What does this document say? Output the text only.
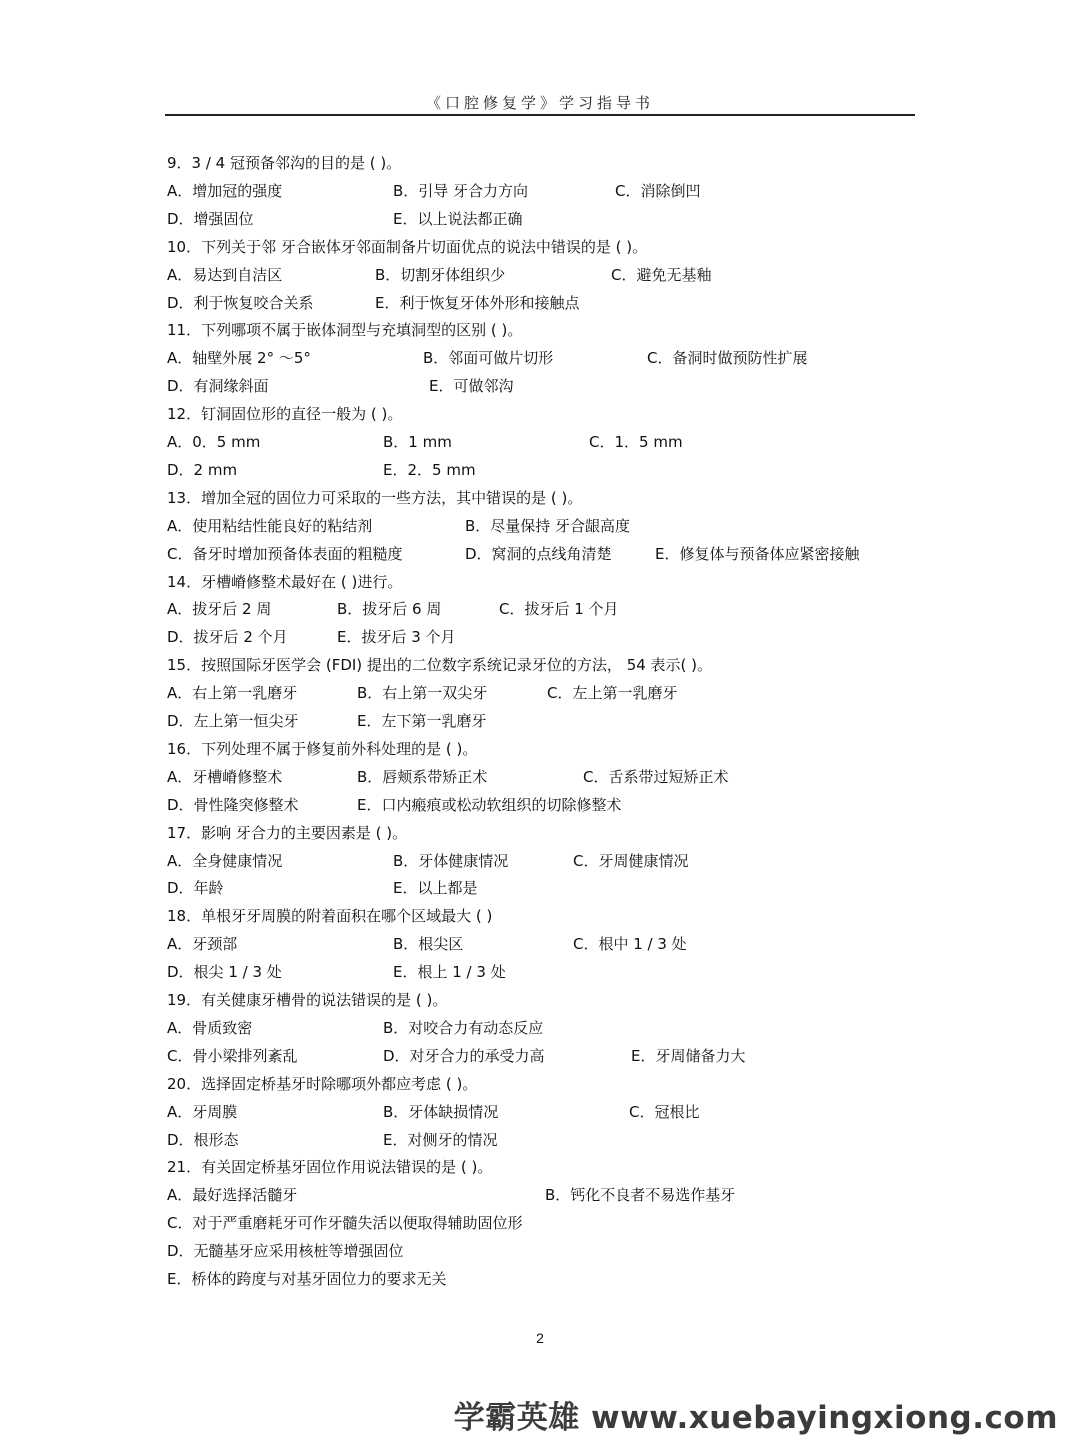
《口腔修复学》学习指导书
9．3 / 4 冠预备邻沟的目的是 ( )。
A．增加冠的强度	B．引导 牙合力方向	C．消除倒凹
D．增强固位	E．以上说法都正确
10．下列关于邻 牙合嵌体牙邻面制备片切面优点的说法中错误的是 ( )。
A．易达到自洁区	B．切割牙体组织少	C．避免无基釉
D．利于恢复咬合关系	E．利于恢复牙体外形和接触点
11．下列哪项不属于嵌体洞型与充填洞型的区别 ( )。
A．轴壁外展 2° ～5°	B．邻面可做片切形	C．备洞时做预防性扩展
D．有洞缘斜面	E．可做邻沟
12．钉洞固位形的直径一般为 ( )。
A．0．5 mm	B．1 mm	C．1．5 mm
D．2 mm	E．2．5 mm
13．增加全冠的固位力可采取的一些方法，其中错误的是 ( )。
A．使用粘结性能良好的粘结剂	B．尽量保持 牙合龈高度
C．备牙时增加预备体表面的粗糙度	D．窝洞的点线角清楚	E．修复体与预备体应紧密接触
14．牙槽嵴修整术最好在 ( )进行。
A．拔牙后 2 周	B．拔牙后 6 周	C．拔牙后 1 个月
D．拔牙后 2 个月	E．拔牙后 3 个月
15．按照国际牙医学会 (FDI) 提出的二位数字系统记录牙位的方法， 54 表示( )。
A．右上第一乳磨牙	B．右上第一双尖牙	C．左上第一乳磨牙
D．左上第一恒尖牙	E．左下第一乳磨牙
16．下列处理不属于修复前外科处理的是 ( )。
A．牙槽嵴修整术	B．唇颊系带矫正术	C．舌系带过短矫正术
D．骨性隆突修整术	E．口内瘢痕或松动软组织的切除修整术
17．影响 牙合力的主要因素是 ( )。
A．全身健康情况	B．牙体健康情况	C．牙周健康情况
D．年龄	E．以上都是
18．单根牙牙周膜的附着面积在哪个区域最大 ( )
A．牙颈部	B．根尖区	C．根中 1 / 3 处
D．根尖 1 / 3 处	E．根上 1 / 3 处
19．有关健康牙槽骨的说法错误的是 ( )。
A．骨质致密	B．对咬合力有动态反应
C．骨小梁排列紊乱	D．对牙合力的承受力高	E．牙周储备力大
20．选择固定桥基牙时除哪项外都应考虑 ( )。
A．牙周膜	B．牙体缺损情况	C．冠根比
D．根形态	E．对侧牙的情况
21．有关固定桥基牙固位作用说法错误的是 ( )。
A．最好选择活髓牙	B．钙化不良者不易选作基牙
C．对于严重磨耗牙可作牙髓失活以便取得辅助固位形
D．无髓基牙应采用核桩等增强固位
E．桥体的跨度与对基牙固位力的要求无关
2
学霸英雄 www.xuebayingxiong.com
